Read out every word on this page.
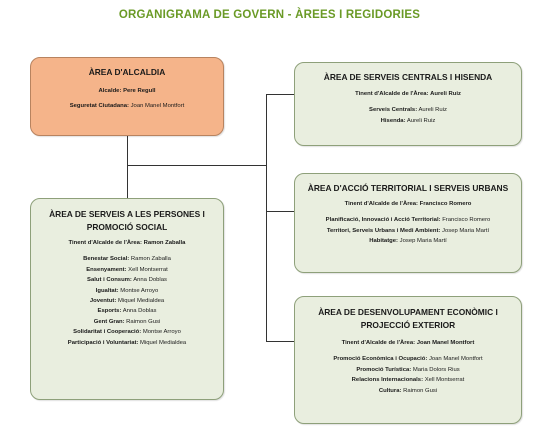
ORGANIGRAMA DE GOVERN - ÀREES I REGIDORIES
ÀREA D'ALCALDIA
Alcalde: Pere Regull
Seguretat Ciutadana: Joan Manel Montfort
ÀREA DE SERVEIS CENTRALS I HISENDA
Tinent d'Alcalde de l'Àrea: Aureli Ruiz
Serveis Centrals: Aureli Ruiz
Hisenda: Aureli Ruiz
ÀREA D'ACCIÓ TERRITORIAL I SERVEIS URBANS
Tinent d'Alcalde de l'Àrea: Francisco Romero
Planificació, Innovació i Acció Territorial: Francisco Romero
Territori, Serveis Urbans i Medi Ambient: Josep Maria Martí
Habitatge: Josep Maria Martí
ÀREA DE SERVEIS A LES PERSONES I
PROMOCIÓ SOCIAL
Tinent d'Alcalde de l'Àrea: Ramon Zaballa
Benestar Social: Ramon Zaballa
Ensenyament: Xell Montserrat
Salut i Consum: Anna Doblas
Igualtat: Montse Arroyo
Joventut: Miquel Medialdea
Esports: Anna Doblas
Gent Gran: Raimon Gusi
Solidaritat i Cooperació: Montse Arroyo
Participació i Voluntariat: Miquel Medialdea
ÀREA DE DESENVOLUPAMENT ECONÒMIC I
PROJECCIÓ EXTERIOR
Tinent d'Alcalde de l'Àrea: Joan Manel Montfort
Promoció Econòmica i Ocupació: Joan Manel Montfort
Promoció Turística: Maria Dolors Rius
Relacions Internacionals: Xell Montserrat
Cultura: Raimon Gusi
